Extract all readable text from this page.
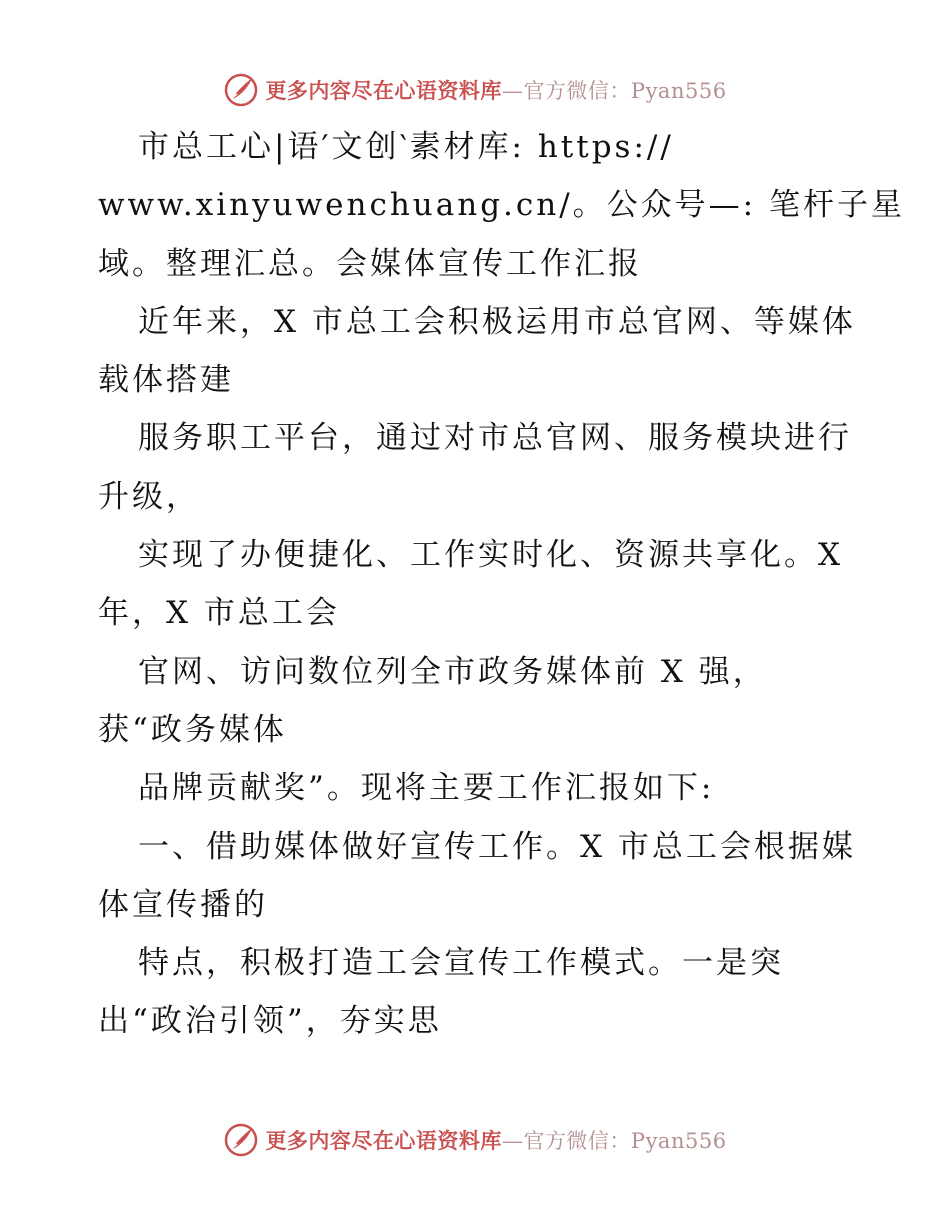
更多内容尽在心语资料库—官方微信：Pyan556
市总工心|语′文创‵素材库: https://
www.xinyuwenchuang.cn/。公众号—: 笔杆子星
域。整理汇总。会媒体宣传工作汇报
近年来，X 市总工会积极运用市总官网、等媒体
载体搭建
服务职工平台，通过对市总官网、服务模块进行
升级，
实现了办便捷化、工作实时化、资源共享化。X
年，X 市总工会
官网、访问数位列全市政务媒体前 X 强，
获“政务媒体
品牌贡献奖”。现将主要工作汇报如下:
一、借助媒体做好宣传工作。X 市总工会根据媒
体宣传播的
特点，积极打造工会宣传工作模式。一是突
出“政治引领”，夯实思
更多内容尽在心语资料库—官方微信：Pyan556
